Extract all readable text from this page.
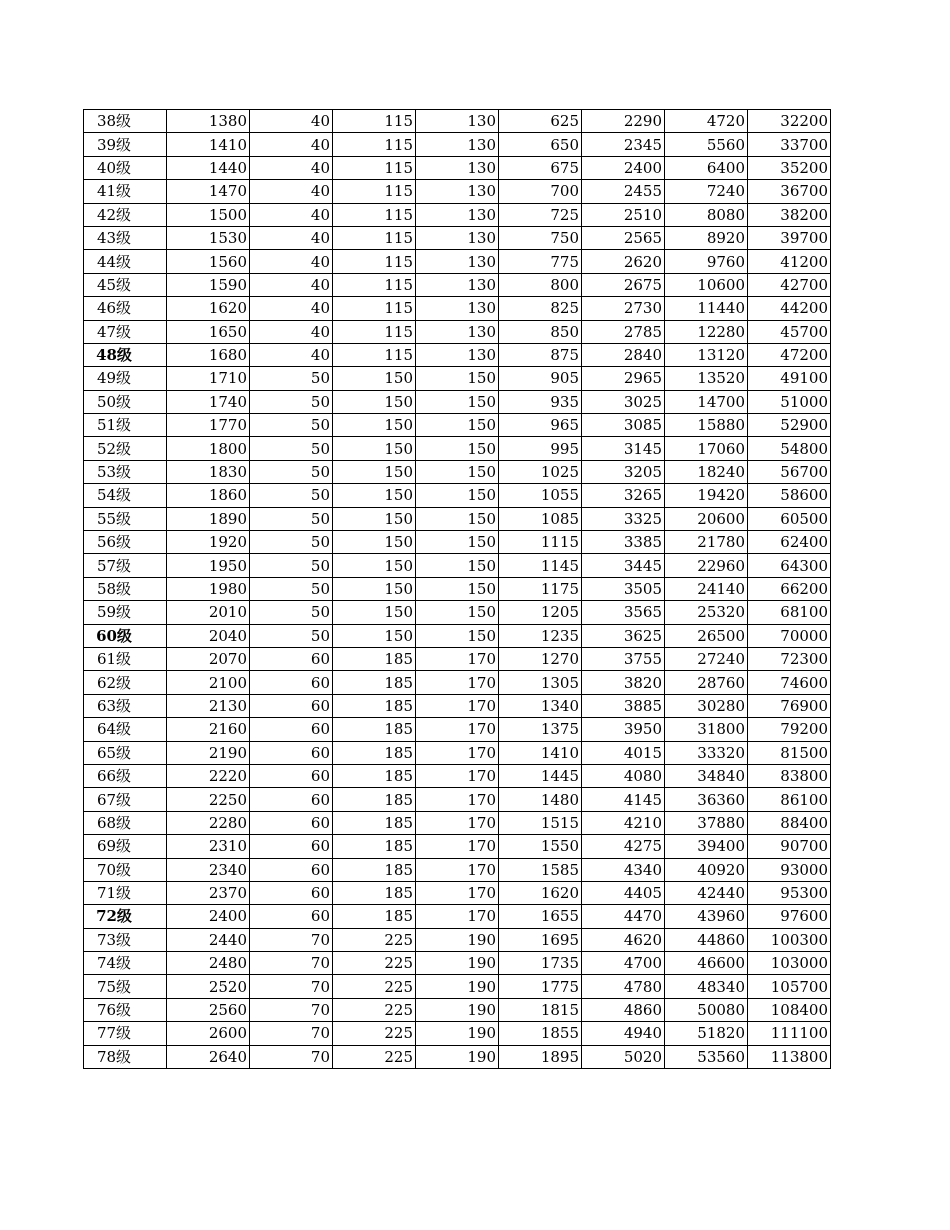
38级	1380	40	115	130	625	2290	4720	32200
39级	1410	40	115	130	650	2345	5560	33700
40级	1440	40	115	130	675	2400	6400	35200
41级	1470	40	115	130	700	2455	7240	36700
42级	1500	40	115	130	725	2510	8080	38200
43级	1530	40	115	130	750	2565	8920	39700
44级	1560	40	115	130	775	2620	9760	41200
45级	1590	40	115	130	800	2675	10600	42700
46级	1620	40	115	130	825	2730	11440	44200
47级	1650	40	115	130	850	2785	12280	45700
48级	1680	40	115	130	875	2840	13120	47200
49级	1710	50	150	150	905	2965	13520	49100
50级	1740	50	150	150	935	3025	14700	51000
51级	1770	50	150	150	965	3085	15880	52900
52级	1800	50	150	150	995	3145	17060	54800
53级	1830	50	150	150	1025	3205	18240	56700
54级	1860	50	150	150	1055	3265	19420	58600
55级	1890	50	150	150	1085	3325	20600	60500
56级	1920	50	150	150	1115	3385	21780	62400
57级	1950	50	150	150	1145	3445	22960	64300
58级	1980	50	150	150	1175	3505	24140	66200
59级	2010	50	150	150	1205	3565	25320	68100
60级	2040	50	150	150	1235	3625	26500	70000
61级	2070	60	185	170	1270	3755	27240	72300
62级	2100	60	185	170	1305	3820	28760	74600
63级	2130	60	185	170	1340	3885	30280	76900
64级	2160	60	185	170	1375	3950	31800	79200
65级	2190	60	185	170	1410	4015	33320	81500
66级	2220	60	185	170	1445	4080	34840	83800
67级	2250	60	185	170	1480	4145	36360	86100
68级	2280	60	185	170	1515	4210	37880	88400
69级	2310	60	185	170	1550	4275	39400	90700
70级	2340	60	185	170	1585	4340	40920	93000
71级	2370	60	185	170	1620	4405	42440	95300
72级	2400	60	185	170	1655	4470	43960	97600
73级	2440	70	225	190	1695	4620	44860	100300
74级	2480	70	225	190	1735	4700	46600	103000
75级	2520	70	225	190	1775	4780	48340	105700
76级	2560	70	225	190	1815	4860	50080	108400
77级	2600	70	225	190	1855	4940	51820	111100
78级	2640	70	225	190	1895	5020	53560	113800
